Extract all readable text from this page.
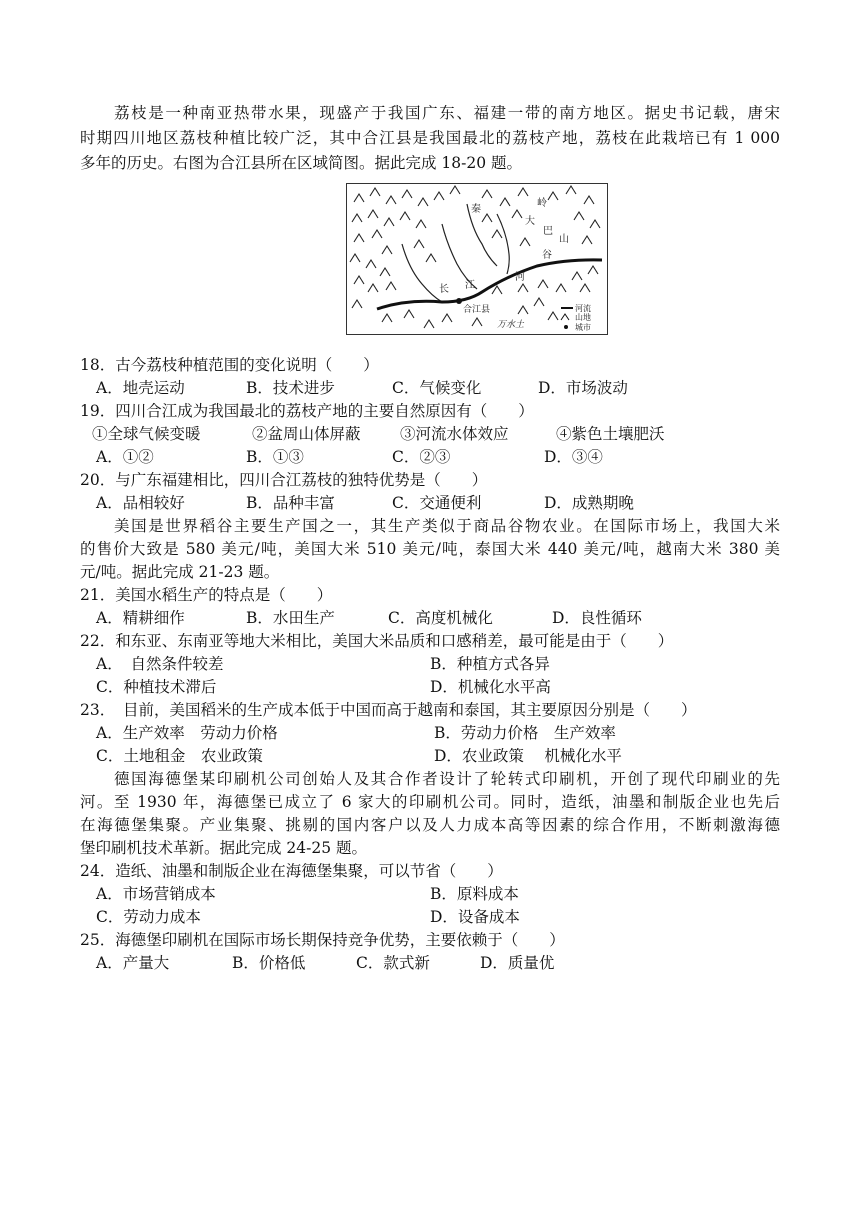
荔枝是一种南亚热带水果，现盛产于我国广东、福建一带的南方地区。据史书记载，唐宋
时期四川地区荔枝种植比较广泛，其中合江县是我国最北的荔枝产地，荔枝在此栽培已有 1 000
多年的历史。右图为合江县所在区域简图。据此完成 18-20 题。
秦
岭
大
巴
山
谷
河
江
长
合江县
万水土
河流
山地
城市
18．古今荔枝种植范围的变化说明（　　）
A．地壳运动	B．技术进步	C．气候变化	D．市场波动
19．四川合江成为我国最北的荔枝产地的主要自然原因有（　　）
①全球气候变暖	②盆周山体屏蔽	③河流水体效应	④紫色土壤肥沃
A．①②	B．①③	C．②③	D．③④
20．与广东福建相比，四川合江荔枝的独特优势是（　　）
A．品相较好	B．品种丰富	C．交通便利	D．成熟期晚
美国是世界稻谷主要生产国之一，其生产类似于商品谷物农业。在国际市场上，我国大米
的售价大致是 580 美元/吨，美国大米 510 美元/吨，泰国大米 440 美元/吨，越南大米 380 美
元/吨。据此完成 21-23 题。
21．美国水稻生产的特点是（　　）
A．精耕细作	B．水田生产	C．高度机械化	D．良性循环
22．和东亚、东南亚等地大米相比，美国大米品质和口感稍差，最可能是由于（　　）
A．　自然条件较差	B．种植方式各异
C．种植技术滞后	D．机械化水平高
23．　目前，美国稻米的生产成本低于中国而高于越南和泰国，其主要原因分别是（　　）
A．生产效率　劳动力价格	B．劳动力价格　生产效率
C．土地租金　农业政策	D．农业政策　 机械化水平
德国海德堡某印刷机公司创始人及其合作者设计了轮转式印刷机，开创了现代印刷业的先
河。至 1930 年，海德堡已成立了 6 家大的印刷机公司。同时，造纸，油墨和制版企业也先后
在海德堡集聚。产业集聚、挑剔的国内客户以及人力成本高等因素的综合作用，不断刺激海德
堡印刷机技术革新。据此完成 24-25 题。
24．造纸、油墨和制版企业在海德堡集聚，可以节省（　　）
A．市场营销成本	B．原料成本
C．劳动力成本	D．设备成本
25．海德堡印刷机在国际市场长期保持竞争优势，主要依赖于（　　）
A．产量大	B．价格低	C．款式新	D．质量优
